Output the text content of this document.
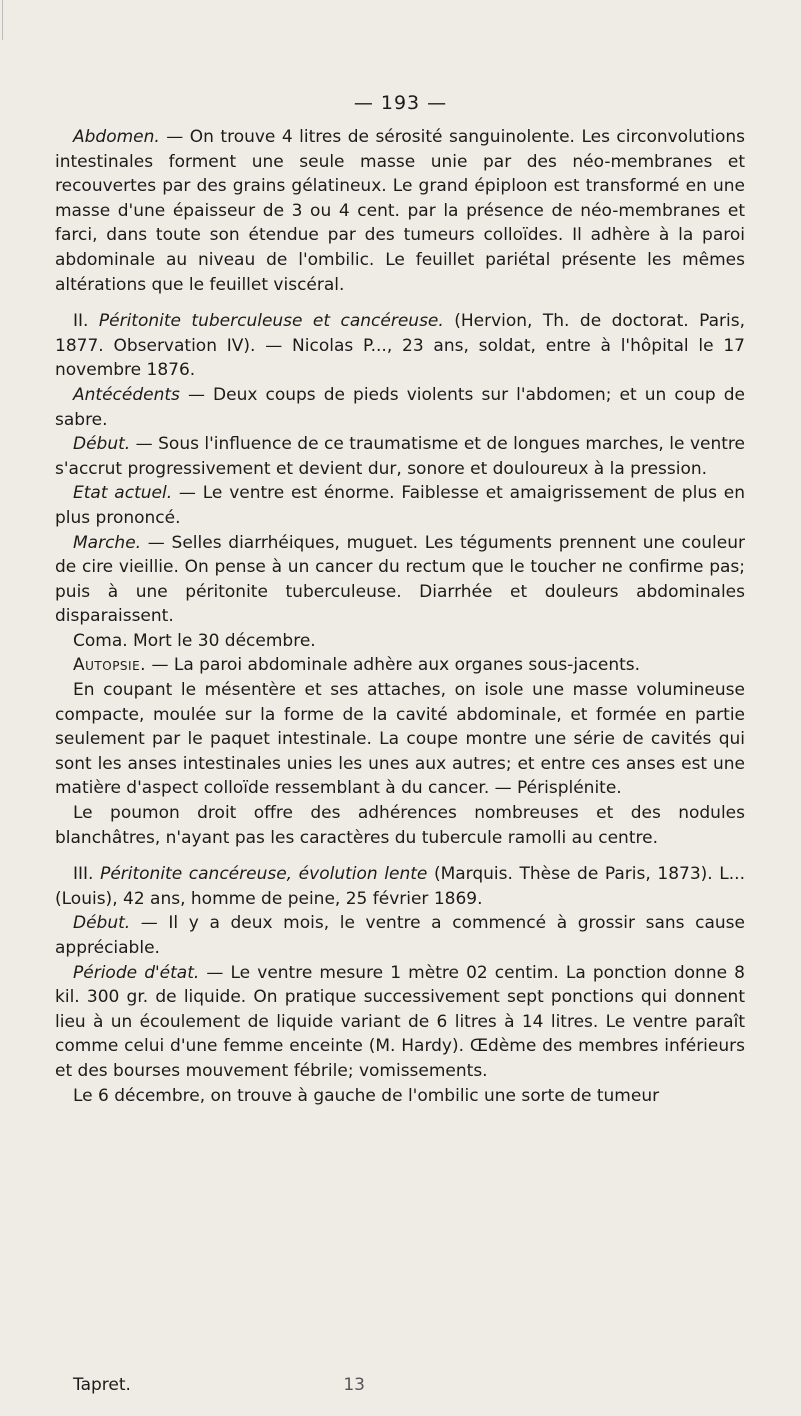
— 193 —

Abdomen. — On trouve 4 litres de sérosité sanguinolente. Les circonvolutions intestinales forment une seule masse unie par des néo-membranes et recouvertes par des grains gélatineux. Le grand épiploon est transformé en une masse d'une épaisseur de 3 ou 4 cent. par la présence de néo-membranes et farci, dans toute son étendue par des tumeurs colloïdes. Il adhère à la paroi abdominale au niveau de l'ombilic. Le feuillet pariétal présente les mêmes altérations que le feuillet viscéral.

II. Péritonite tuberculeuse et cancéreuse. (Hervion, Th. de doctorat. Paris, 1877. Observation IV). — Nicolas P..., 23 ans, soldat, entre à l'hôpital le 17 novembre 1876.

Antécédents — Deux coups de pieds violents sur l'abdomen; et un coup de sabre.

Début. — Sous l'influence de ce traumatisme et de longues marches, le ventre s'accrut progressivement et devient dur, sonore et douloureux à la pression.

Etat actuel. — Le ventre est énorme. Faiblesse et amaigrissement de plus en plus prononcé.

Marche. — Selles diarrhéiques, muguet. Les téguments prennent une couleur de cire vieillie. On pense à un cancer du rectum que le toucher ne confirme pas; puis à une péritonite tuberculeuse. Diarrhée et douleurs abdominales disparaissent.

Coma. Mort le 30 décembre.

Autopsie. — La paroi abdominale adhère aux organes sous-jacents.

En coupant le mésentère et ses attaches, on isole une masse volumineuse compacte, moulée sur la forme de la cavité abdominale, et formée en partie seulement par le paquet intestinale. La coupe montre une série de cavités qui sont les anses intestinales unies les unes aux autres; et entre ces anses est une matière d'aspect colloïde ressemblant à du cancer. — Périsplénite.

Le poumon droit offre des adhérences nombreuses et des nodules blanchâtres, n'ayant pas les caractères du tubercule ramolli au centre.

III. Péritonite cancéreuse, évolution lente (Marquis. Thèse de Paris, 1873). L... (Louis), 42 ans, homme de peine, 25 février 1869.

Début. — Il y a deux mois, le ventre a commencé à grossir sans cause appréciable.

Période d'état. — Le ventre mesure 1 mètre 02 centim. La ponction donne 8 kil. 300 gr. de liquide. On pratique successivement sept ponctions qui donnent lieu à un écoulement de liquide variant de 6 litres à 14 litres. Le ventre paraît comme celui d'une femme enceinte (M. Hardy). Œdème des membres inférieurs et des bourses mouvement fébrile; vomissements.

Le 6 décembre, on trouve à gauche de l'ombilic une sorte de tumeur

Tapret.	13
